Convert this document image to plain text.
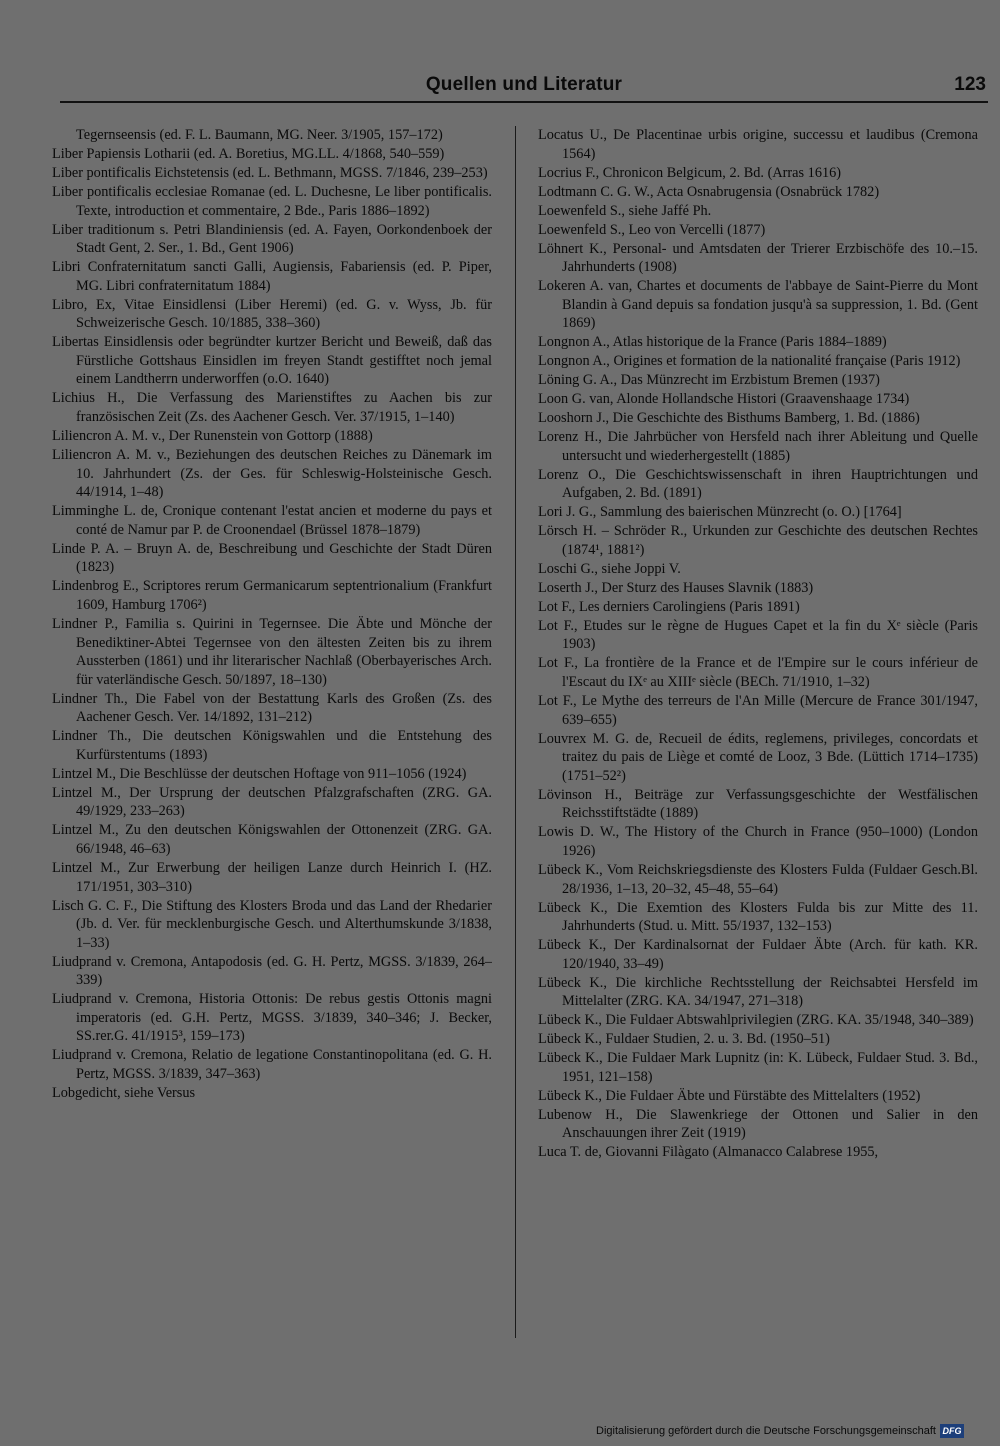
Quellen und Literatur	123

Tegernseensis (ed. F. L. Baumann, MG. Neer. 3/1905, 157–172)

Liber Papiensis Lotharii (ed. A. Boretius, MG.LL. 4/1868, 540–559)

Liber pontificalis Eichstetensis (ed. L. Bethmann, MGSS. 7/1846, 239–253)

Liber pontificalis ecclesiae Romanae (ed. L. Duchesne, Le liber pontificalis. Texte, introduction et commentaire, 2 Bde., Paris 1886–1892)

Liber traditionum s. Petri Blandiniensis (ed. A. Fayen, Oorkondenboek der Stadt Gent, 2. Ser., 1. Bd., Gent 1906)

Libri Confraternitatum sancti Galli, Augiensis, Fabariensis (ed. P. Piper, MG. Libri confraternitatum 1884)

Libro, Ex, Vitae Einsidlensi (Liber Heremi) (ed. G. v. Wyss, Jb. für Schweizerische Gesch. 10/1885, 338–360)

Libertas Einsidlensis oder begründter kurtzer Bericht und Beweiß, daß das Fürstliche Gottshaus Einsidlen im freyen Standt gestifftet noch jemal einem Landtherrn underworffen (o.O. 1640)

Lichius H., Die Verfassung des Marienstiftes zu Aachen bis zur französischen Zeit (Zs. des Aachener Gesch. Ver. 37/1915, 1–140)

Liliencron A. M. v., Der Runenstein von Gottorp (1888)

Liliencron A. M. v., Beziehungen des deutschen Reiches zu Dänemark im 10. Jahrhundert (Zs. der Ges. für Schleswig-Holsteinische Gesch. 44/1914, 1–48)

Limminghe L. de, Cronique contenant l'estat ancien et moderne du pays et conté de Namur par P. de Croonendael (Brüssel 1878–1879)

Linde P. A. – Bruyn A. de, Beschreibung und Geschichte der Stadt Düren (1823)

Lindenbrog E., Scriptores rerum Germanicarum septentrionalium (Frankfurt 1609, Hamburg 1706²)

Lindner P., Familia s. Quirini in Tegernsee. Die Äbte und Mönche der Benediktiner-Abtei Tegernsee von den ältesten Zeiten bis zu ihrem Aussterben (1861) und ihr literarischer Nachlaß (Oberbayerisches Arch. für vaterländische Gesch. 50/1897, 18–130)

Lindner Th., Die Fabel von der Bestattung Karls des Großen (Zs. des Aachener Gesch. Ver. 14/1892, 131–212)

Lindner Th., Die deutschen Königswahlen und die Entstehung des Kurfürstentums (1893)

Lintzel M., Die Beschlüsse der deutschen Hoftage von 911–1056 (1924)

Lintzel M., Der Ursprung der deutschen Pfalzgrafschaften (ZRG. GA. 49/1929, 233–263)

Lintzel M., Zu den deutschen Königswahlen der Ottonenzeit (ZRG. GA. 66/1948, 46–63)

Lintzel M., Zur Erwerbung der heiligen Lanze durch Heinrich I. (HZ. 171/1951, 303–310)

Lisch G. C. F., Die Stiftung des Klosters Broda und das Land der Rhedarier (Jb. d. Ver. für mecklenburgische Gesch. und Alterthumskunde 3/1838, 1–33)

Liudprand v. Cremona, Antapodosis (ed. G. H. Pertz, MGSS. 3/1839, 264–339)

Liudprand v. Cremona, Historia Ottonis: De rebus gestis Ottonis magni imperatoris (ed. G.H. Pertz, MGSS. 3/1839, 340–346; J. Becker, SS.rer.G. 41/1915³, 159–173)

Liudprand v. Cremona, Relatio de legatione Constantinopolitana (ed. G. H. Pertz, MGSS. 3/1839, 347–363)

Lobgedicht, siehe Versus

Locatus U., De Placentinae urbis origine, successu et laudibus (Cremona 1564)

Locrius F., Chronicon Belgicum, 2. Bd. (Arras 1616)

Lodtmann C. G. W., Acta Osnabrugensia (Osnabrück 1782)

Loewenfeld S., siehe Jaffé Ph.

Loewenfeld S., Leo von Vercelli (1877)

Löhnert K., Personal- und Amtsdaten der Trierer Erzbischöfe des 10.–15. Jahrhunderts (1908)

Lokeren A. van, Chartes et documents de l'abbaye de Saint-Pierre du Mont Blandin à Gand depuis sa fondation jusqu'à sa suppression, 1. Bd. (Gent 1869)

Longnon A., Atlas historique de la France (Paris 1884–1889)

Longnon A., Origines et formation de la nationalité française (Paris 1912)

Löning G. A., Das Münzrecht im Erzbistum Bremen (1937)

Loon G. van, Alonde Hollandsche Histori (Graavenshaage 1734)

Looshorn J., Die Geschichte des Bisthums Bamberg, 1. Bd. (1886)

Lorenz H., Die Jahrbücher von Hersfeld nach ihrer Ableitung und Quelle untersucht und wiederhergestellt (1885)

Lorenz O., Die Geschichtswissenschaft in ihren Hauptrichtungen und Aufgaben, 2. Bd. (1891)

Lori J. G., Sammlung des baierischen Münzrecht (o. O.) [1764]

Lörsch H. – Schröder R., Urkunden zur Geschichte des deutschen Rechtes (1874¹, 1881²)

Loschi G., siehe Joppi V.

Loserth J., Der Sturz des Hauses Slavnik (1883)

Lot F., Les derniers Carolingiens (Paris 1891)

Lot F., Etudes sur le règne de Hugues Capet et la fin du Xᵉ siècle (Paris 1903)

Lot F., La frontière de la France et de l'Empire sur le cours inférieur de l'Escaut du IXᵉ au XIIIᵉ siècle (BECh. 71/1910, 1–32)

Lot F., Le Mythe des terreurs de l'An Mille (Mercure de France 301/1947, 639–655)

Louvrex M. G. de, Recueil de édits, reglemens, privileges, concordats et traitez du pais de Liège et comté de Looz, 3 Bde. (Lüttich 1714–1735) (1751–52²)

Lövinson H., Beiträge zur Verfassungsgeschichte der Westfälischen Reichsstiftstädte (1889)

Lowis D. W., The History of the Church in France (950–1000) (London 1926)

Lübeck K., Vom Reichskriegsdienste des Klosters Fulda (Fuldaer Gesch.Bl. 28/1936, 1–13, 20–32, 45–48, 55–64)

Lübeck K., Die Exemtion des Klosters Fulda bis zur Mitte des 11. Jahrhunderts (Stud. u. Mitt. 55/1937, 132–153)

Lübeck K., Der Kardinalsornat der Fuldaer Äbte (Arch. für kath. KR. 120/1940, 33–49)

Lübeck K., Die kirchliche Rechtsstellung der Reichsabtei Hersfeld im Mittelalter (ZRG. KA. 34/1947, 271–318)

Lübeck K., Die Fuldaer Abtswahlprivilegien (ZRG. KA. 35/1948, 340–389)

Lübeck K., Fuldaer Studien, 2. u. 3. Bd. (1950–51)

Lübeck K., Die Fuldaer Mark Lupnitz (in: K. Lübeck, Fuldaer Stud. 3. Bd., 1951, 121–158)

Lübeck K., Die Fuldaer Äbte und Fürstäbte des Mittelalters (1952)

Lubenow H., Die Slawenkriege der Ottonen und Salier in den Anschauungen ihrer Zeit (1919)

Luca T. de, Giovanni Filàgato (Almanacco Calabrese 1955,

Digitalisierung gefördert durch die Deutsche Forschungsgemeinschaft DFG
